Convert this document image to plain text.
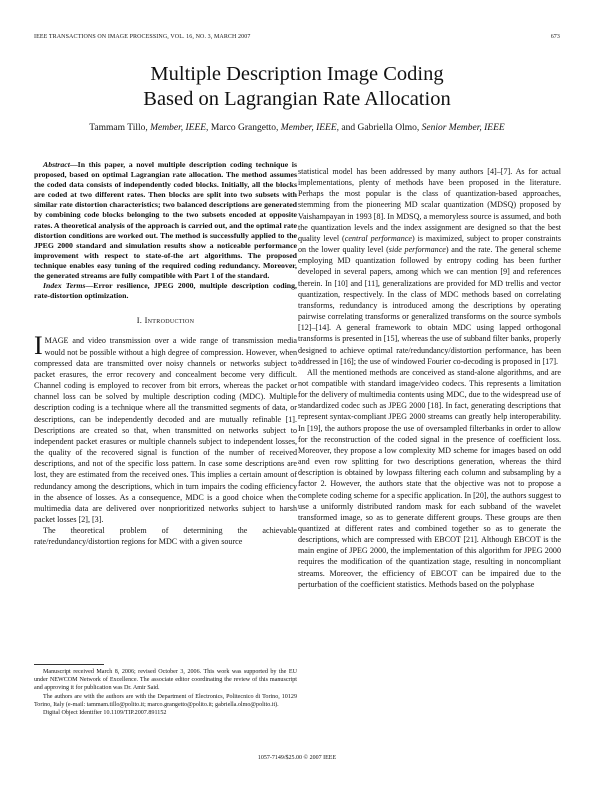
IEEE TRANSACTIONS ON IMAGE PROCESSING, VOL. 16, NO. 3, MARCH 2007	673
Multiple Description Image Coding
Based on Lagrangian Rate Allocation
Tammam Tillo, Member, IEEE, Marco Grangetto, Member, IEEE, and Gabriella Olmo, Senior Member, IEEE

Abstract—In this paper, a novel multiple description coding technique is proposed, based on optimal Lagrangian rate allocation. The method assumes the coded data consists of independently coded blocks. Initially, all the blocks are coded at two different rates. Then blocks are split into two subsets with similar rate distortion characteristics; two balanced descriptions are generated by combining code blocks belonging to the two subsets encoded at opposite rates. A theoretical analysis of the approach is carried out, and the optimal rate distortion conditions are worked out. The method is successfully applied to the JPEG 2000 standard and simulation results show a noticeable performance improvement with respect to state-of-the art algorithms. The proposed technique enables easy tuning of the required coding redundancy. Moreover, the generated streams are fully compatible with Part 1 of the standard.

Index Terms—Error resilience, JPEG 2000, multiple description coding, rate-distortion optimization.

I. Introduction

IMAGE and video transmission over a wide range of transmission media would not be possible without a high degree of compression. However, when compressed data are transmitted over noisy channels or networks subject to packet erasures, the error recovery and concealment become very difficult. Channel coding is employed to recover from bit errors, whereas the packet or channel loss can be solved by multiple description coding (MDC). Multiple description coding is a technique where all the transmitted segments of data, or descriptions, can be independently decoded and are mutually refinable [1]. Descriptions are created so that, when transmitted on networks subject to independent packet erasures or multiple channels subject to independent losses, the quality of the recovered signal is function of the number of received descriptions, and not of the specific loss pattern. In case some descriptions are lost, they are estimated from the received ones. This implies a certain amount of redundancy among the descriptions, which in turn impairs the coding efficiency in the absence of losses. As a consequence, MDC is a good choice when the multimedia data are delivered over nonprioritized networks subject to harsh packet losses [2], [3].

The theoretical problem of determining the achievable rate/redundancy/distortion regions for MDC with a given source

statistical model has been addressed by many authors [4]–[7]. As for actual implementations, plenty of methods have been proposed in the literature. Perhaps the most popular is the class of quantization-based approaches, stemming from the pioneering MD scalar quantization (MDSQ) proposed by Vaishampayan in 1993 [8]. In MDSQ, a memoryless source is assumed, and both the quantization levels and the index assignment are designed so that the best quality level (central performance) is maximized, subject to proper constraints on the lower quality level (side performance) and the rate. The general scheme employing MD quantization followed by entropy coding has been further developed in several papers, among which we can mention [9] and references therein. In [10] and [11], generalizations are provided for MD trellis and vector quantization, respectively. In the class of MDC methods based on correlating transforms, redundancy is introduced among the descriptions by operating pairwise correlating transforms or generalized transforms on the source symbols [12]–[14]. A general framework to obtain MDC using lapped orthogonal transforms is presented in [15], whereas the use of subband filter banks, properly designed to achieve optimal rate/redundancy/distortion performance, has been addressed in [16]; the use of windowed Fourier co-decoding is proposed in [17].

All the mentioned methods are conceived as stand-alone algorithms, and are not compatible with standard image/video codecs. This represents a limitation for the delivery of multimedia contents using MDC, due to the widespread use of standardized codec such as JPEG 2000 [18]. In fact, generating descriptions that represent syntax-compliant JPEG 2000 streams can greatly help interoperability. In [19], the authors propose the use of oversampled filterbanks in order to allow for the reconstruction of the coded signal in the presence of coefficient loss. Moreover, they propose a low complexity MD scheme for images based on odd and even row splitting for two descriptions generation, whereas the third description is obtained by lowpass filtering each column and subsampling by a factor 2. However, the authors state that the objective was not to propose a complete coding scheme for a specific application. In [20], the authors suggest to use a uniformly distributed random mask for each subband of the wavelet transformed image, so as to generate different groups. These groups are then quantized at different rates and combined together so as to generate the descriptions, which are compressed with EBCOT [21]. Although EBCOT is the main engine of JPEG 2000, the implementation of this algorithm for JPEG 2000 requires the modification of the quantization stage, resulting in noncompliant streams. Moreover, the efficiency of EBCOT can be impaired due to the perturbation of the coefficient statistics. Methods based on the polyphase

Manuscript received March 8, 2006; revised October 3, 2006. This work was supported by the EU under NEWCOM Network of Excellence. The associate editor coordinating the review of this manuscript and approving it for publication was Dr. Amir Said.

The authors are with the authors are with the Department of Electronics, Politecnico di Torino, 10129 Torino, Italy (e-mail: tammam.tillo@polito.it; marco.grangetto@polito.it; gabriella.olmo@polito.it).

Digital Object Identifier 10.1109/TIP.2007.891152

1057-7149/$25.00 © 2007 IEEE
